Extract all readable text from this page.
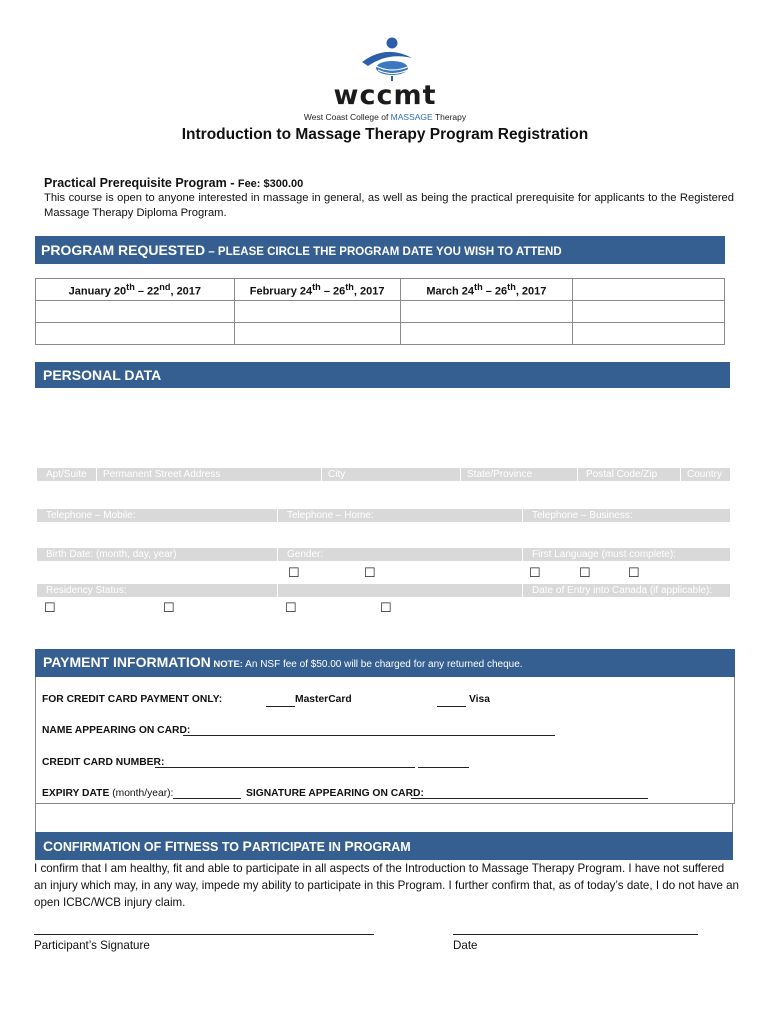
wccmt
West Coast College of MASSAGE Therapy
Introduction to Massage Therapy Program Registration
Practical Prerequisite Program - Fee: $300.00
This course is open to anyone interested in massage in general, as well as being the practical prerequisite for applicants to the Registered Massage Therapy Diploma Program.
PROGRAM REQUESTED – PLEASE CIRCLE THE PROGRAM DATE YOU WISH TO ATTEND
January 20th – 22nd, 2017	February 24th – 26th, 2017	March 24th – 26th, 2017	

PERSONAL DATA
Apt/Suite	Permanent Street Address	City	State/Province	Postal Code/Zip	Country
Telephone – Mobile:	Telephone – Home:	Telephone – Business:
Birth Date: (month, day, year)	Gender:	First Language (must complete):
☐	☐	☐	☐	☐
Residency Status:	Date of Entry into Canada (if applicable):
☐	☐	☐	☐
PAYMENT INFORMATION NOTE: An NSF fee of $50.00 will be charged for any returned cheque.
FOR CREDIT CARD PAYMENT ONLY:	MasterCard	Visa
NAME APPEARING ON CARD:
CREDIT CARD NUMBER:
EXPIRY DATE (month/year):	SIGNATURE APPEARING ON CARD:
CONFIRMATION OF FITNESS TO PARTICIPATE IN PROGRAM
I confirm that I am healthy, fit and able to participate in all aspects of the Introduction to Massage Therapy Program. I have not suffered an injury which may, in any way, impede my ability to participate in this Program. I further confirm that, as of today’s date, I do not have an open ICBC/WCB injury claim.
Participant’s Signature	Date
